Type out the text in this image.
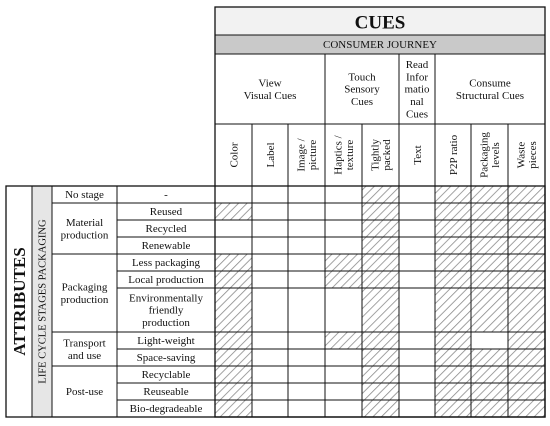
CUES
CONSUMER JOURNEY
View Visual Cues
Touch Sensory Cues
Read Infor matio nal Cues
Consume Structural Cues
Color Label Image /picture Haptics /texture Tightlypacked Text P2P ratio Packaginglevels Wastepieces
ATTRIBUTES LIFE CYCLE STAGES PACKAGING
No stage
Material production
Packaging production
Transport and use
Post-use
-
Reused
Recycled
Renewable
Less packaging
Local production
Environmentally friendly production
Light-weight
Space-saving
Recyclable
Reuseable
Bio-degradeable
